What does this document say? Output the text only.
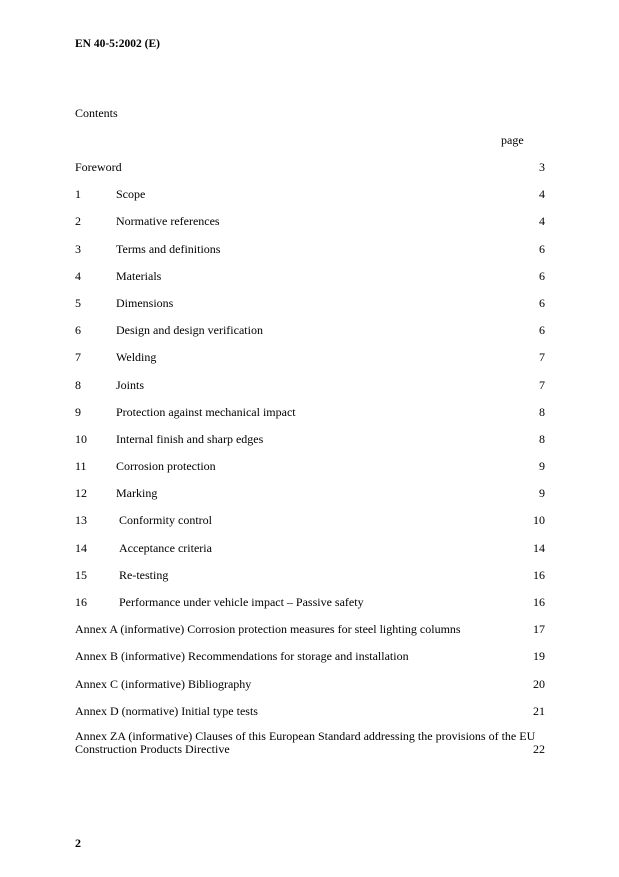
EN 40-5:2002 (E)
Contents
page
Foreword	3
1	Scope	4
2	Normative references	4
3	Terms and definitions	6
4	Materials	6
5	Dimensions	6
6	Design and design verification	6
7	Welding	7
8	Joints	7
9	Protection against mechanical impact	8
10 Internal finish and sharp edges	8
11 Corrosion protection	9
12 Marking	9
13	Conformity control	10
14	Acceptance criteria	14
15	Re-testing	16
16	Performance under vehicle impact – Passive safety	16
Annex A (informative) Corrosion protection measures for steel lighting columns	17
Annex B (informative) Recommendations for storage and installation	19
Annex C (informative) Bibliography	20
Annex D (normative) Initial type tests	21
Annex ZA (informative) Clauses of this European Standard addressing the provisions of the EU Construction Products Directive	22
2
